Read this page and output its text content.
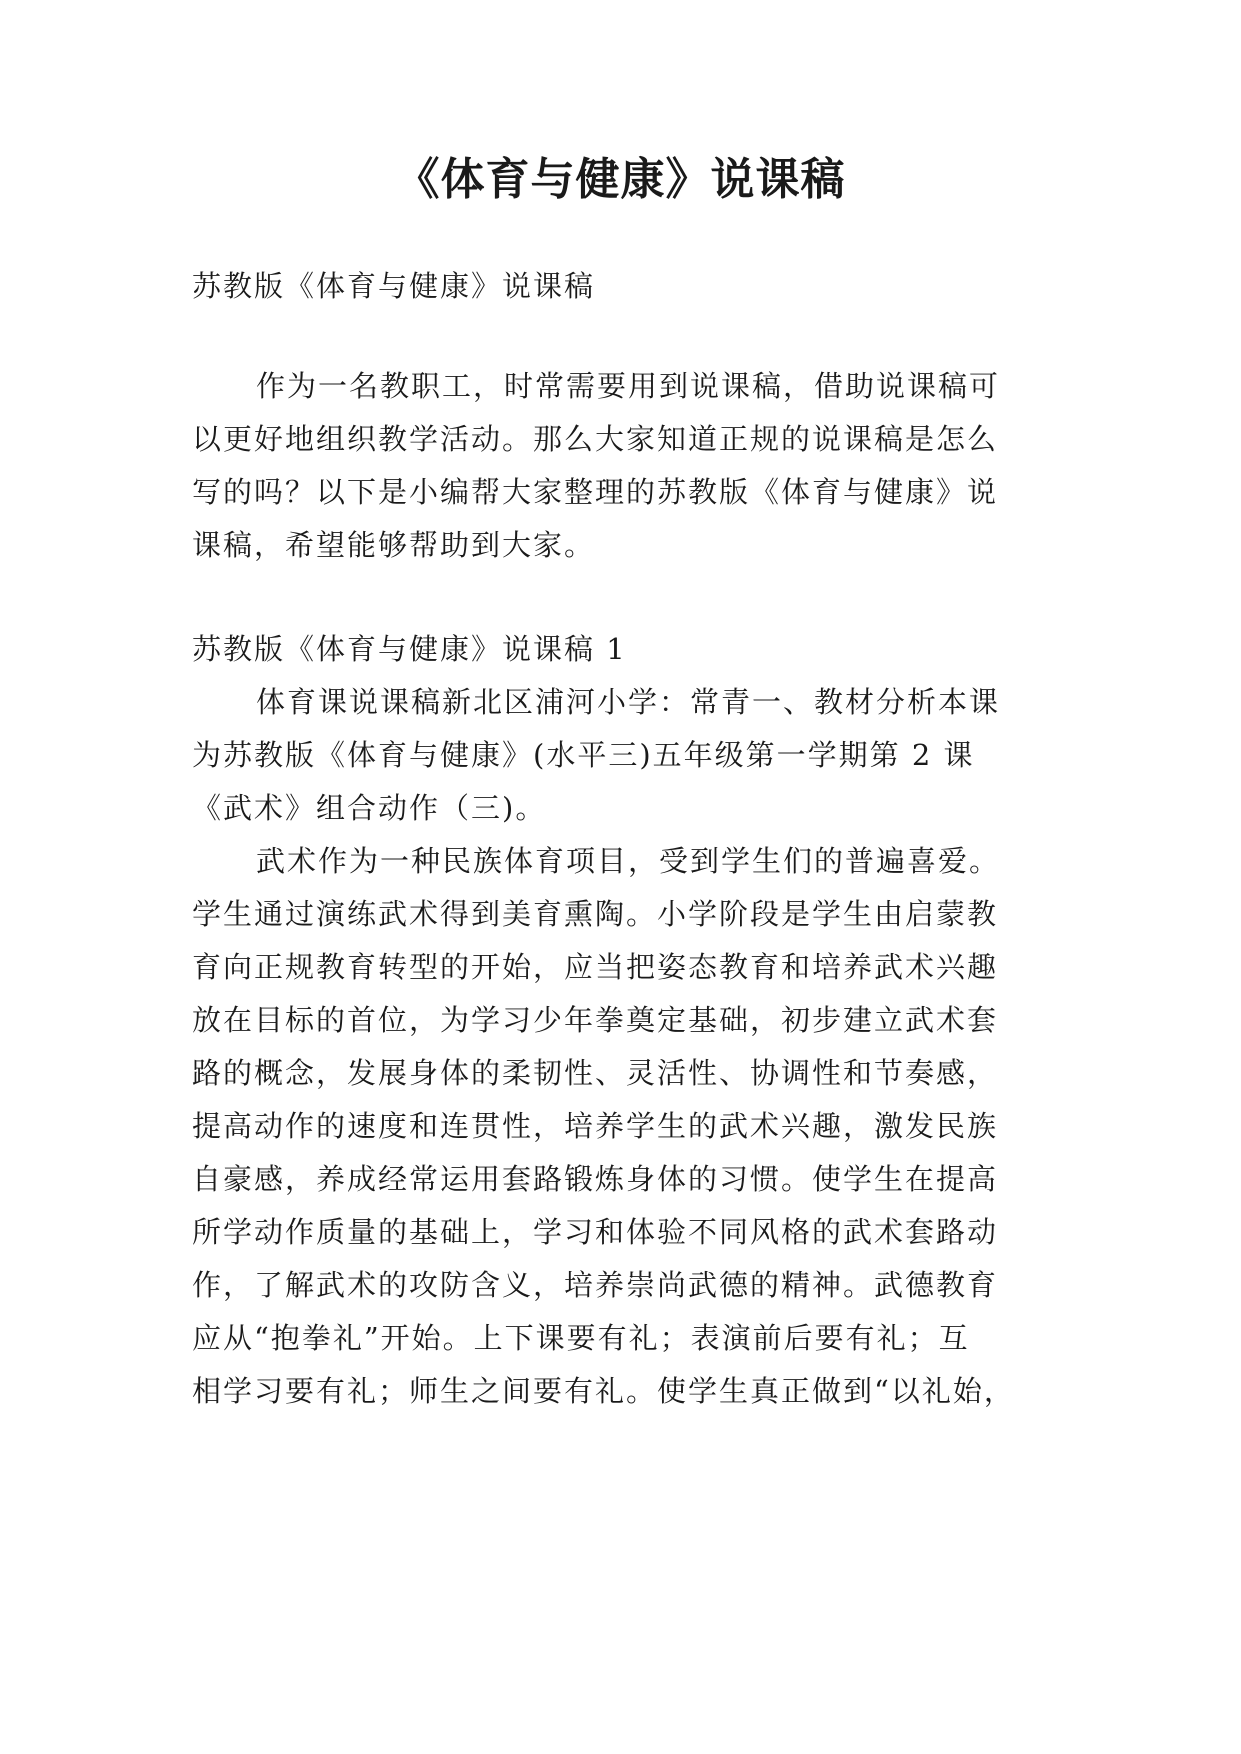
《体育与健康》说课稿

苏教版《体育与健康》说课稿

作为一名教职工，时常需要用到说课稿，借助说课稿可

以更好地组织教学活动。那么大家知道正规的说课稿是怎么

写的吗？以下是小编帮大家整理的苏教版《体育与健康》说

课稿，希望能够帮助到大家。

苏教版《体育与健康》说课稿 1

体育课说课稿新北区浦河小学：常青一、教材分析本课

为苏教版《体育与健康》(水平三)五年级第一学期第 2 课

《武术》组合动作（三)。

武术作为一种民族体育项目，受到学生们的普遍喜爱。

学生通过演练武术得到美育熏陶。小学阶段是学生由启蒙教

育向正规教育转型的开始，应当把姿态教育和培养武术兴趣

放在目标的首位，为学习少年拳奠定基础，初步建立武术套

路的概念，发展身体的柔韧性、灵活性、协调性和节奏感，

提高动作的速度和连贯性，培养学生的武术兴趣，激发民族

自豪感，养成经常运用套路锻炼身体的习惯。使学生在提高

所学动作质量的基础上，学习和体验不同风格的武术套路动

作，了解武术的攻防含义，培养崇尚武德的精神。武德教育

应从“抱拳礼”开始。上下课要有礼；表演前后要有礼；互

相学习要有礼；师生之间要有礼。使学生真正做到“以礼始，
